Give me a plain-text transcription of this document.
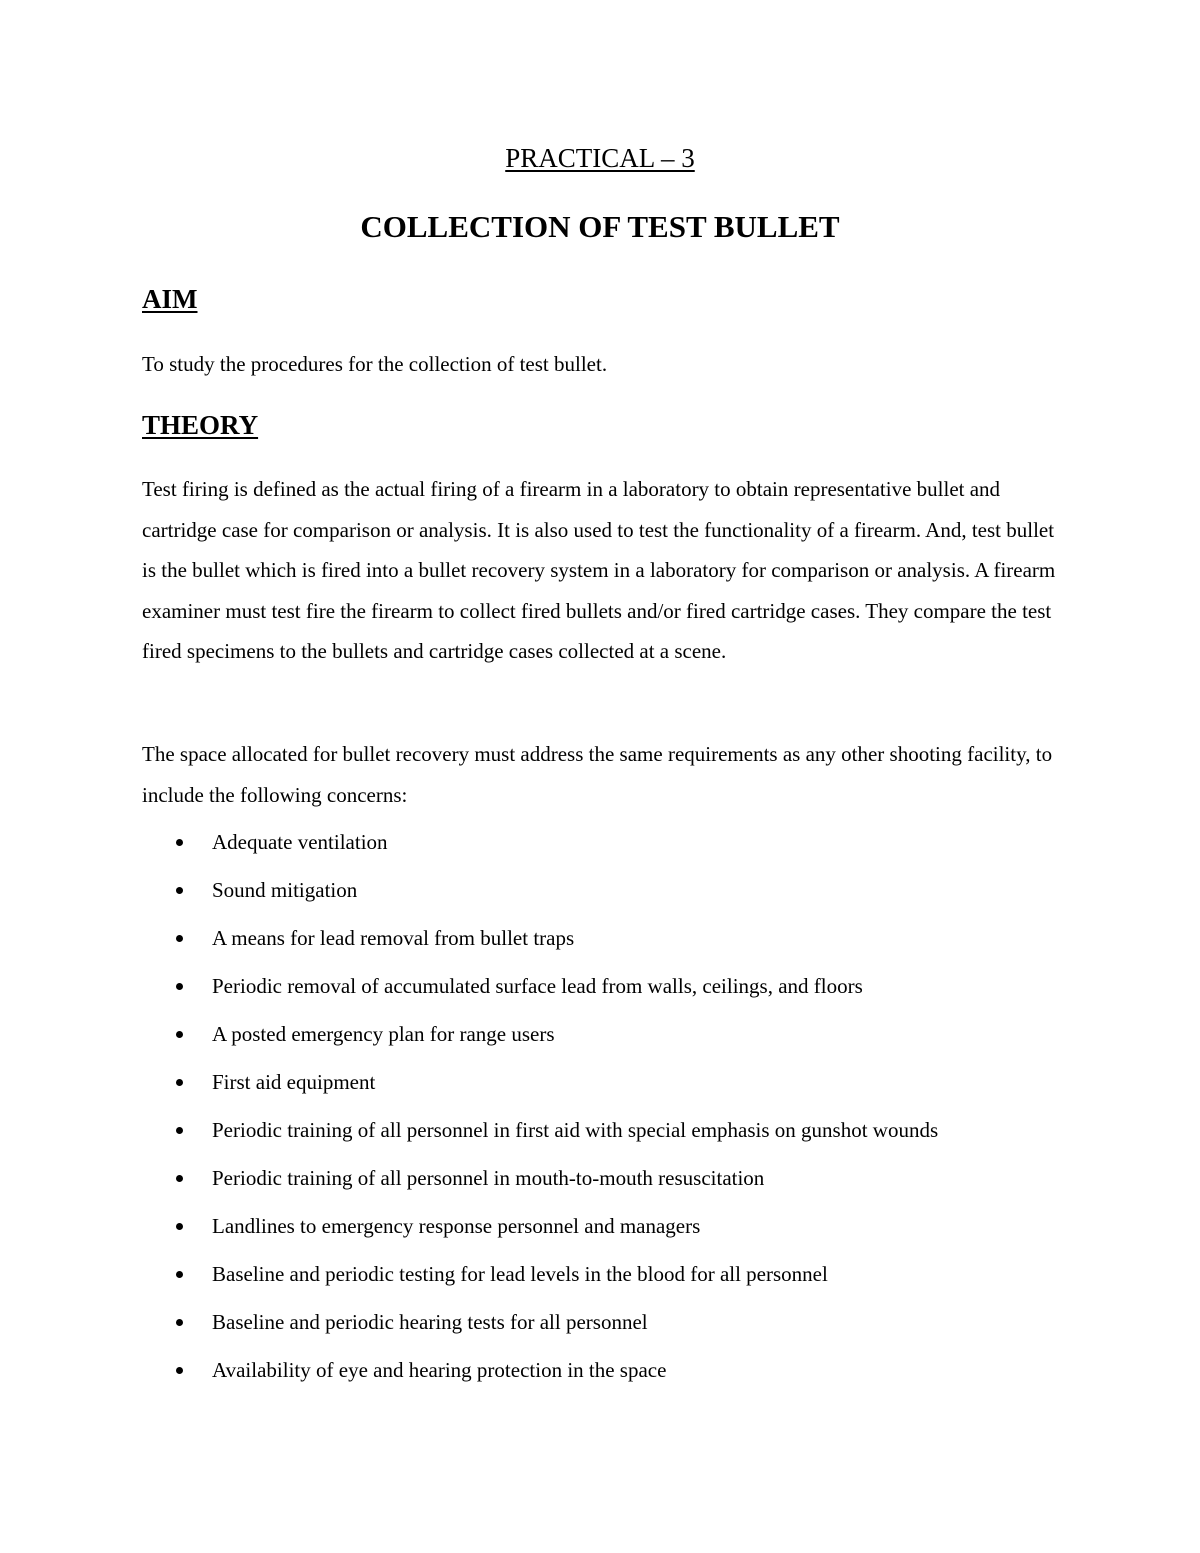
PRACTICAL – 3
COLLECTION OF TEST BULLET
AIM

To study the procedures for the collection of test bullet.

THEORY

Test firing is defined as the actual firing of a firearm in a laboratory to obtain representative bullet and cartridge case for comparison or analysis. It is also used to test the functionality of a firearm. And, test bullet is the bullet which is fired into a bullet recovery system in a laboratory for comparison or analysis. A firearm examiner must test fire the firearm to collect fired bullets and/or fired cartridge cases. They compare the test fired specimens to the bullets and cartridge cases collected at a scene.

The space allocated for bullet recovery must address the same requirements as any other shooting facility, to include the following concerns:

Adequate ventilation
Sound mitigation
A means for lead removal from bullet traps
Periodic removal of accumulated surface lead from walls, ceilings, and floors
A posted emergency plan for range users
First aid equipment
Periodic training of all personnel in first aid with special emphasis on gunshot wounds
Periodic training of all personnel in mouth-to-mouth resuscitation
Landlines to emergency response personnel and managers
Baseline and periodic testing for lead levels in the blood for all personnel
Baseline and periodic hearing tests for all personnel
Availability of eye and hearing protection in the space
